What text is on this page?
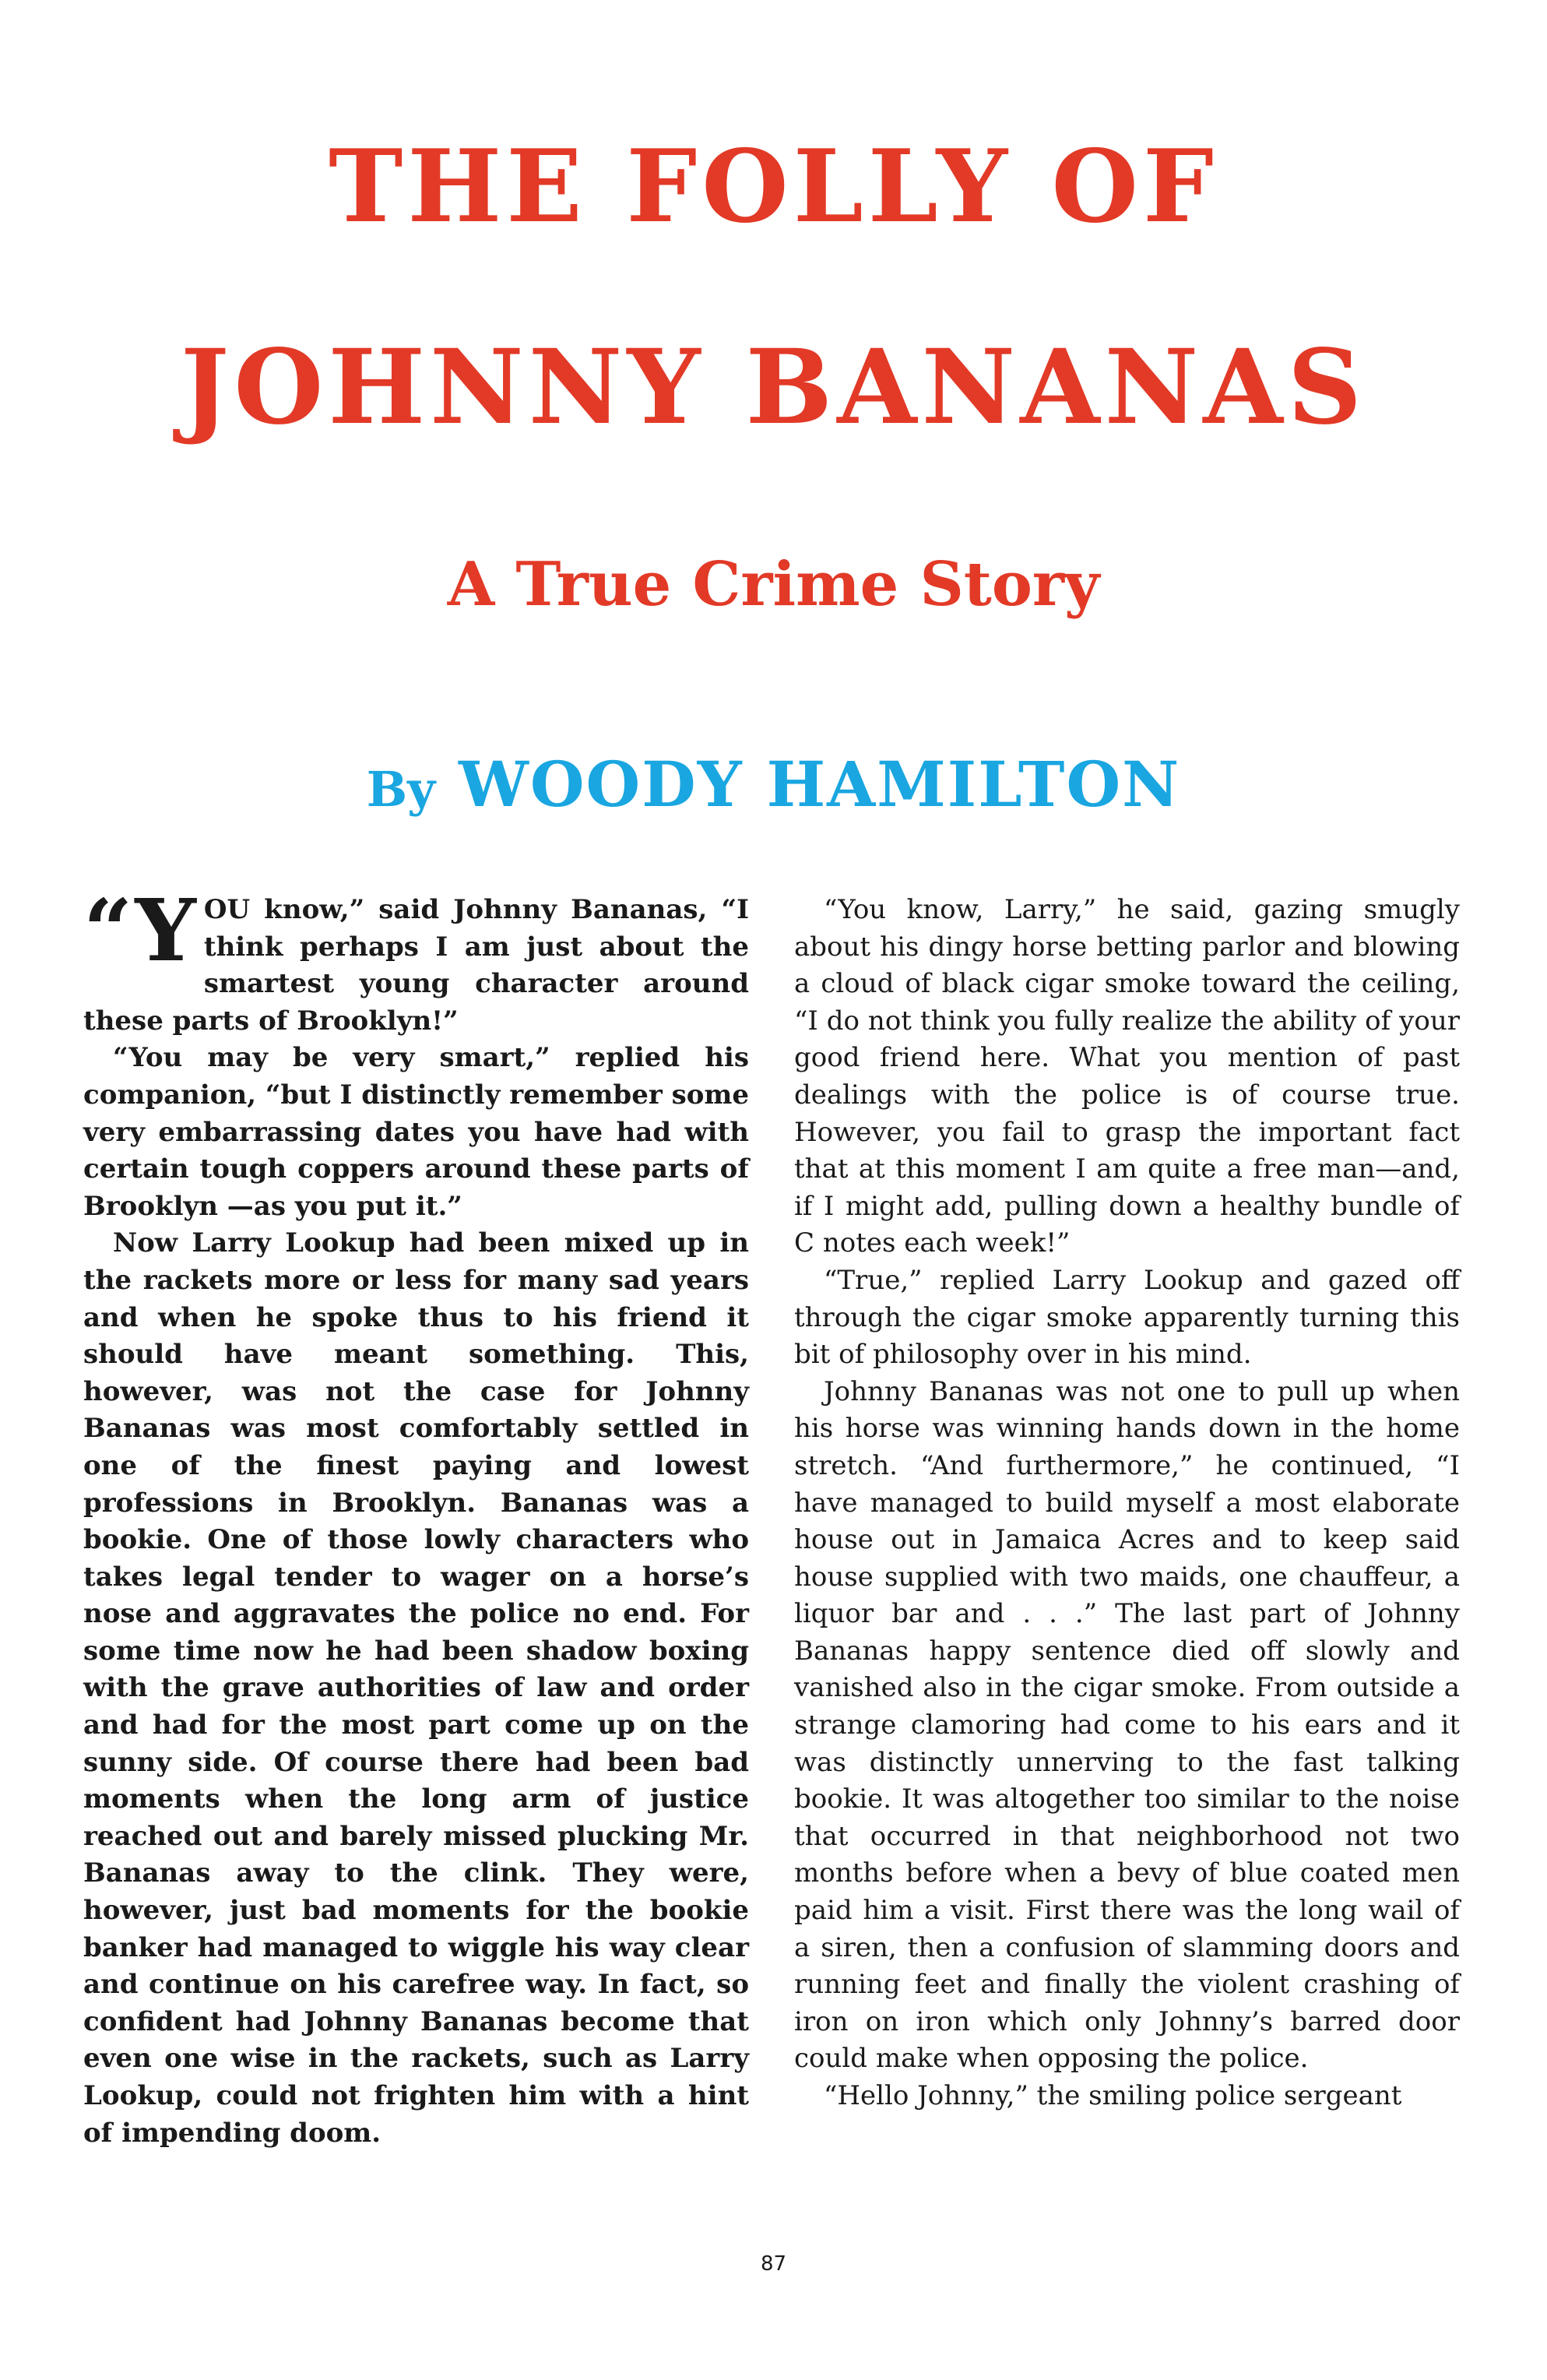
THE FOLLY OF
JOHNNY BANANAS
A True Crime Story
By WOODY HAMILTON

“Y OU know,” said Johnny Bananas, “I think perhaps I am just about the smartest young character around these parts of Brooklyn!”

“You may be very smart,” replied his companion, “but I distinctly remember some very embarrassing dates you have had with certain tough coppers around these parts of Brooklyn —as you put it.”

Now Larry Lookup had been mixed up in the rackets more or less for many sad years and when he spoke thus to his friend it should have meant something. This, however, was not the case for Johnny Bananas was most comfortably settled in one of the finest paying and lowest professions in Brooklyn. Bananas was a bookie. One of those lowly characters who takes legal tender to wager on a horse’s nose and aggravates the police no end. For some time now he had been shadow boxing with the grave authorities of law and order and had for the most part come up on the sunny side. Of course there had been bad moments when the long arm of justice reached out and barely missed plucking Mr. Bananas away to the clink. They were, however, just bad moments for the bookie banker had managed to wiggle his way clear and continue on his carefree way. In fact, so confident had Johnny Bananas become that even one wise in the rackets, such as Larry Lookup, could not frighten him with a hint of impending doom.

“You know, Larry,” he said, gazing smugly about his dingy horse betting parlor and blowing a cloud of black cigar smoke toward the ceiling, “I do not think you fully realize the ability of your good friend here. What you mention of past dealings with the police is of course true. However, you fail to grasp the important fact that at this moment I am quite a free man—and, if I might add, pulling down a healthy bundle of C notes each week!”

“True,” replied Larry Lookup and gazed off through the cigar smoke apparently turning this bit of philosophy over in his mind.

Johnny Bananas was not one to pull up when his horse was winning hands down in the home stretch. “And furthermore,” he continued, “I have managed to build myself a most elaborate house out in Jamaica Acres and to keep said house supplied with two maids, one chauffeur, a liquor bar and . . .” The last part of Johnny Bananas happy sentence died off slowly and vanished also in the cigar smoke. From outside a strange clamoring had come to his ears and it was distinctly unnerving to the fast talking bookie. It was altogether too similar to the noise that occurred in that neighborhood not two months before when a bevy of blue coated men paid him a visit. First there was the long wail of a siren, then a confusion of slamming doors and running feet and finally the violent crashing of iron on iron which only Johnny’s barred door could make when opposing the police.

“Hello Johnny,” the smiling police sergeant

87
